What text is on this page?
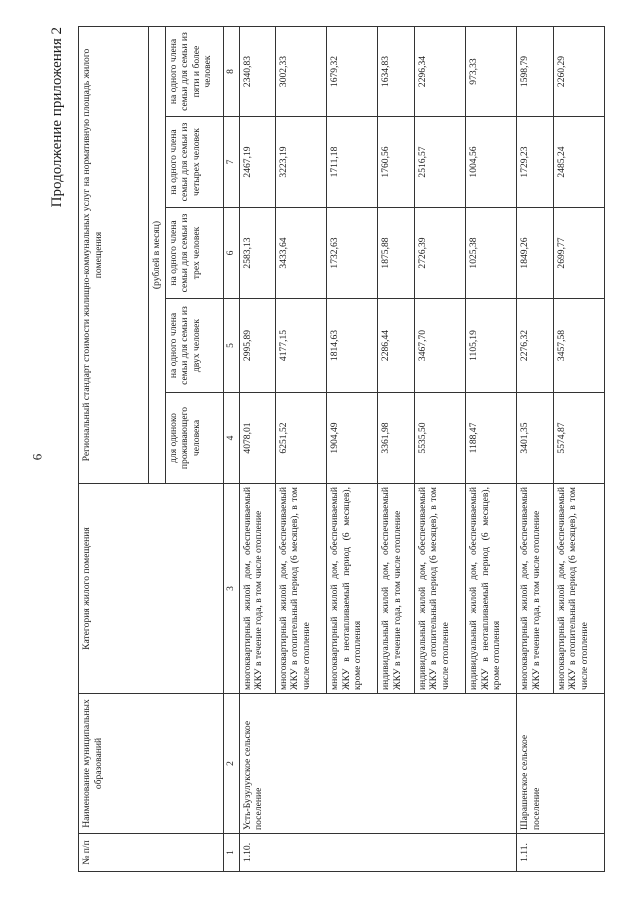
6
Продолжение приложения 2
№ п/п	Наименование муниципальных образований	Категория жилого помещения	Региональный стандарт стоимости жилищно-коммунальных услуг на нормативную площадь жилого помещения				
			(рублей в месяц)				
			для одиноко проживающего человека	на одного члена семьи для семьи из двух человек	на одного члена семьи для семьи из трех человек	на одного члена семьи для семьи из четырех человек	на одного члена семьи для семьи из пяти и более человек
1	2	3	4	5	6	7	8
1.10.	Усть-Бузулукское сельское поселение	многоквартирный жилой дом, обеспечиваемый ЖКУ в течение года, в том числе отопление	4078,01	2995,89	2583,13	2467,19	2340,83
		многоквартирный жилой дом, обеспечиваемый ЖКУ в отопительный период (6 месяцев), в том числе отопление	6251,52	4177,15	3433,64	3223,19	3002,33
		многоквартирный жилой дом, обеспечиваемый ЖКУ в неотапливаемый период (6 месяцев), кроме отопления	1904,49	1814,63	1732,63	1711,18	1679,32
		индивидуальный жилой дом, обеспечиваемый ЖКУ в течение года, в том числе отопление	3361,98	2286,44	1875,88	1760,56	1634,83
		индивидуальный жилой дом, обеспечиваемый ЖКУ в отопительный период (6 месяцев), в том числе отопление	5535,50	3467,70	2726,39	2516,57	2296,34
		индивидуальный жилой дом, обеспечиваемый ЖКУ в неотапливаемый период (6 месяцев), кроме отопления	1188,47	1105,19	1025,38	1004,56	973,33
1.11.	Шарашенское сельское поселение	многоквартирный жилой дом, обеспечиваемый ЖКУ в течение года, в том числе отопление	3401,35	2276,32	1849,26	1729,23	1598,79
		многоквартирный жилой дом, обеспечиваемый ЖКУ в отопительный период (6 месяцев), в том числе отопление	5574,87	3457,58	2699,77	2485,24	2260,29
